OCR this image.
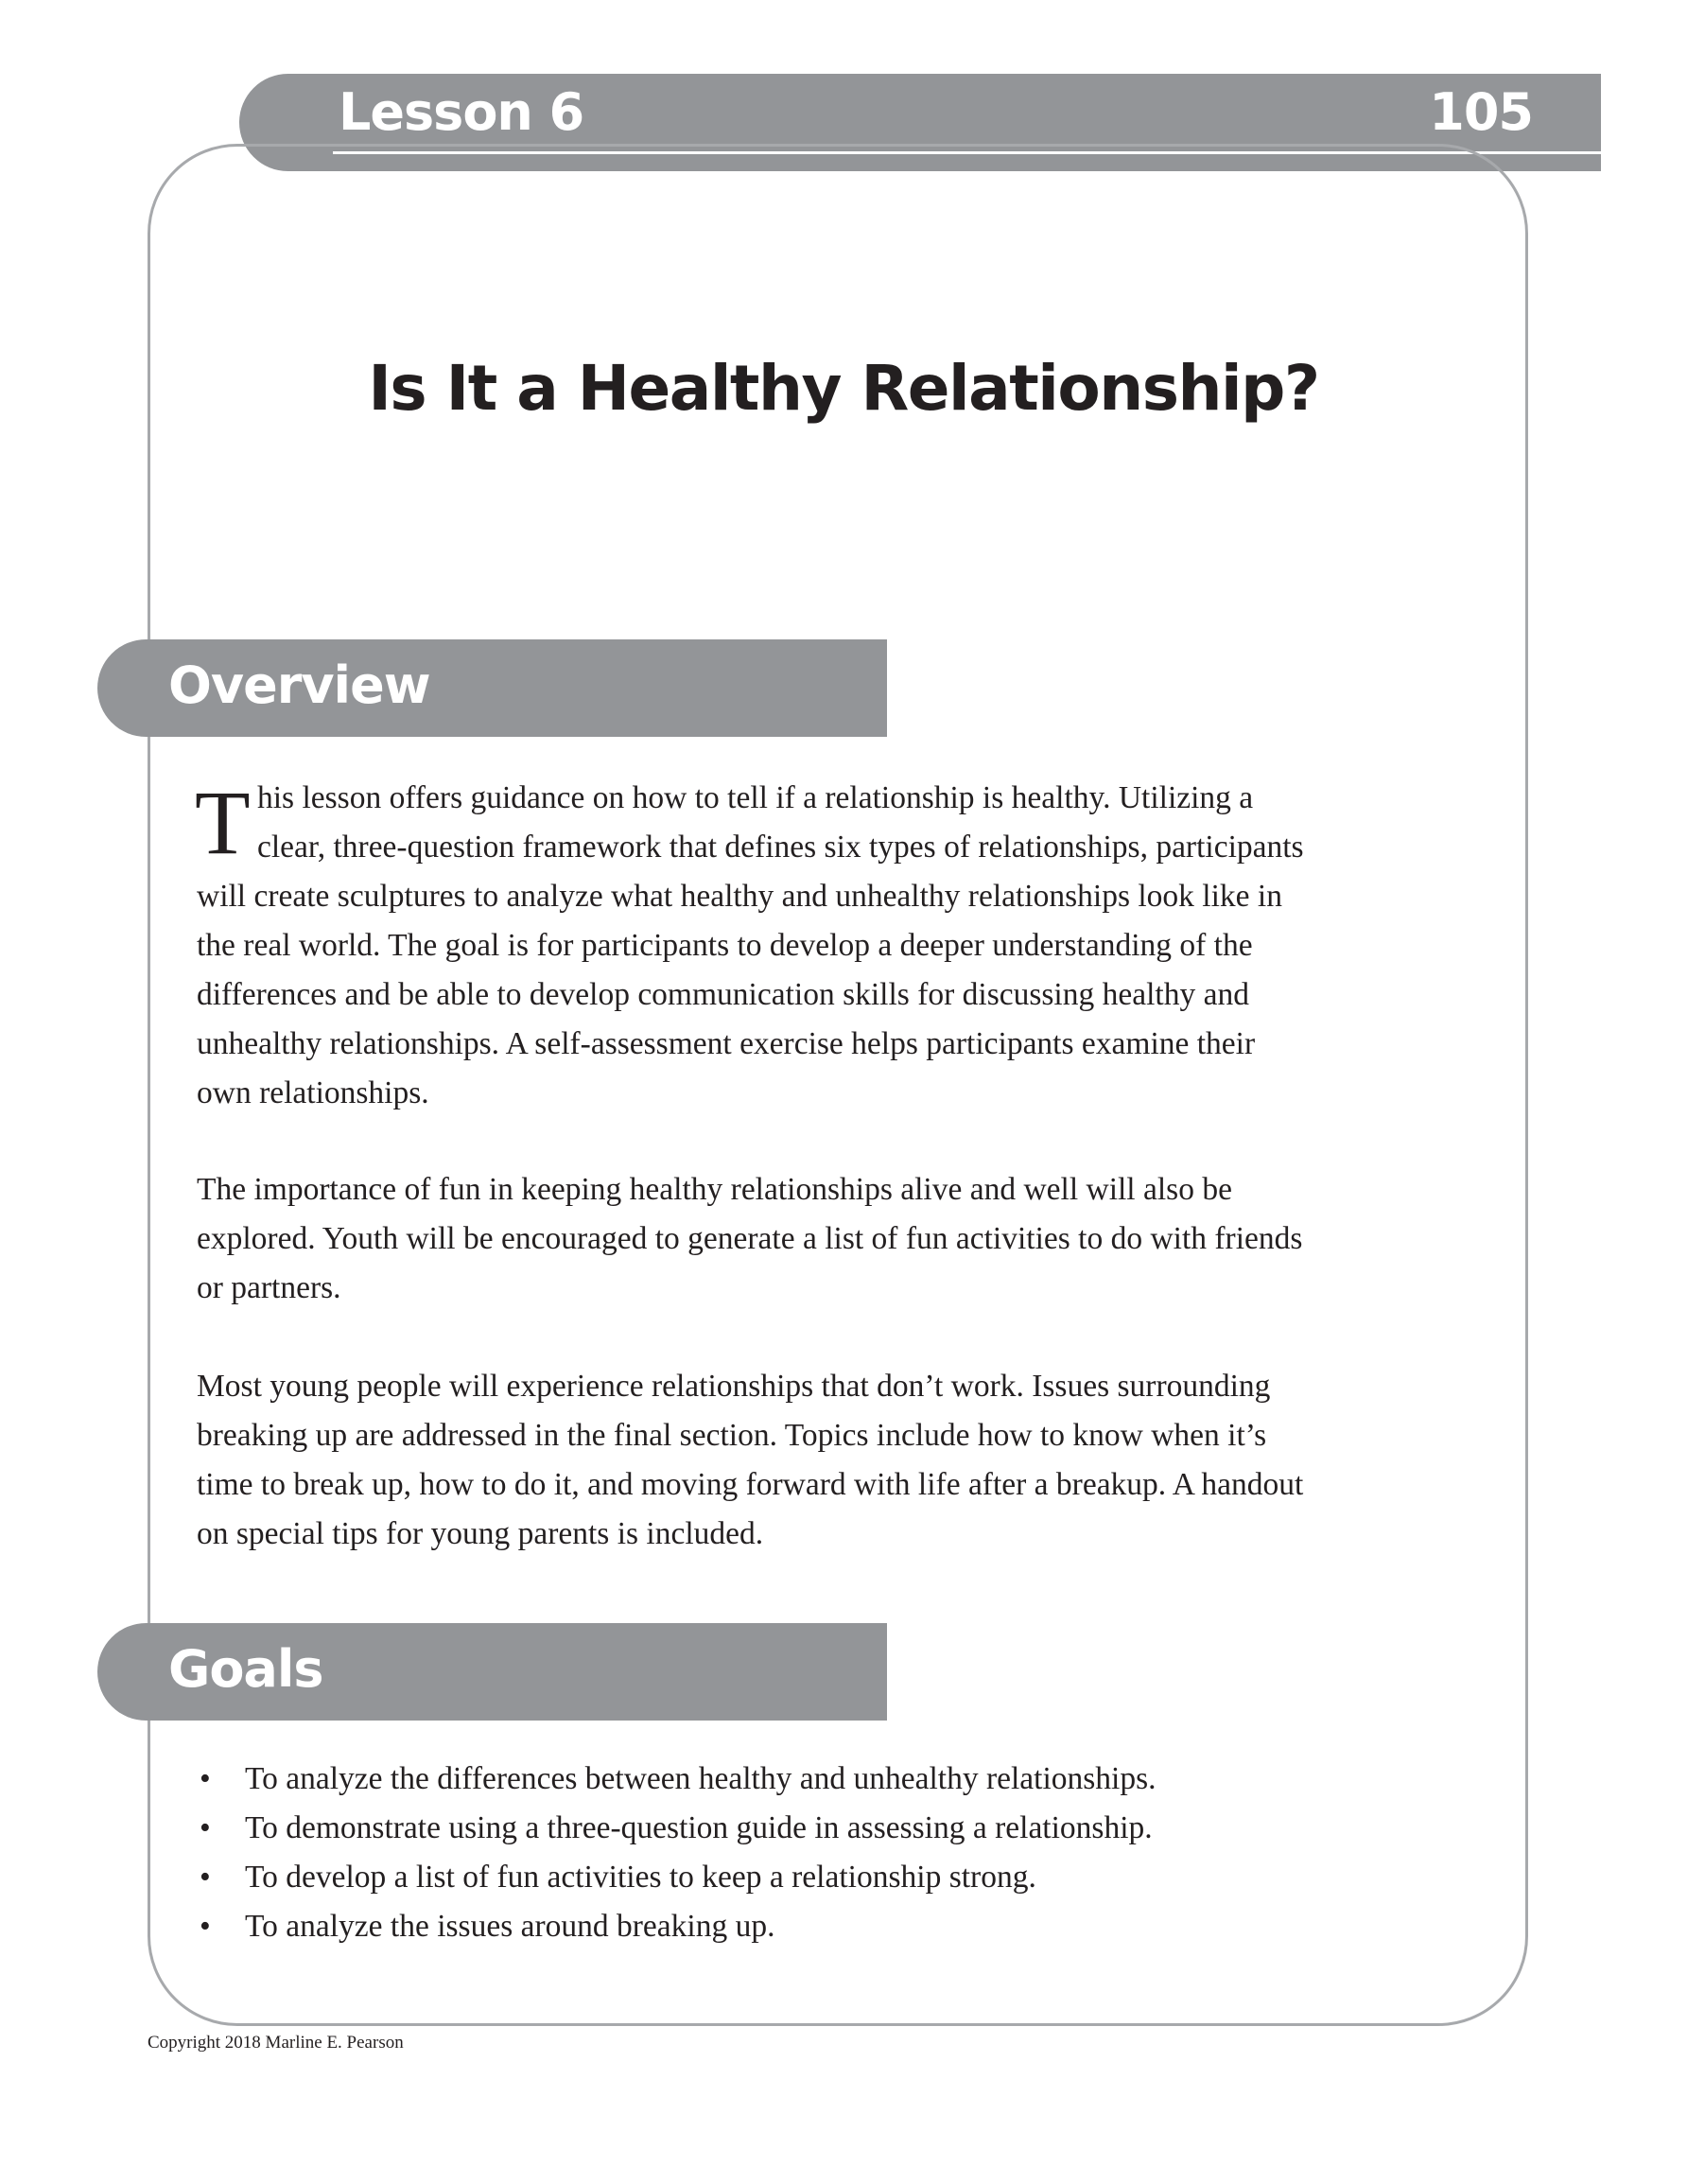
Lesson 6	105
Is It a Healthy Relationship?
Overview
T his lesson offers guidance on how to tell if a relationship is healthy. Utilizing a
clear, three-question framework that defines six types of relationships, participants
will create sculptures to analyze what healthy and unhealthy relationships look like in
the real world. The goal is for participants to develop a deeper understanding of the
differences and be able to develop communication skills for discussing healthy and
unhealthy relationships. A self-assessment exercise helps participants examine their
own relationships.

The importance of fun in keeping healthy relationships alive and well will also be
explored. Youth will be encouraged to generate a list of fun activities to do with friends
or partners.

Most young people will experience relationships that don’t work. Issues surrounding
breaking up are addressed in the final section. Topics include how to know when it’s
time to break up, how to do it, and moving forward with life after a breakup. A handout
on special tips for young parents is included.

Goals
• To analyze the differences between healthy and unhealthy relationships.
• To demonstrate using a three-question guide in assessing a relationship.
• To develop a list of fun activities to keep a relationship strong.
• To analyze the issues around breaking up.
Copyright 2018 Marline E. Pearson
